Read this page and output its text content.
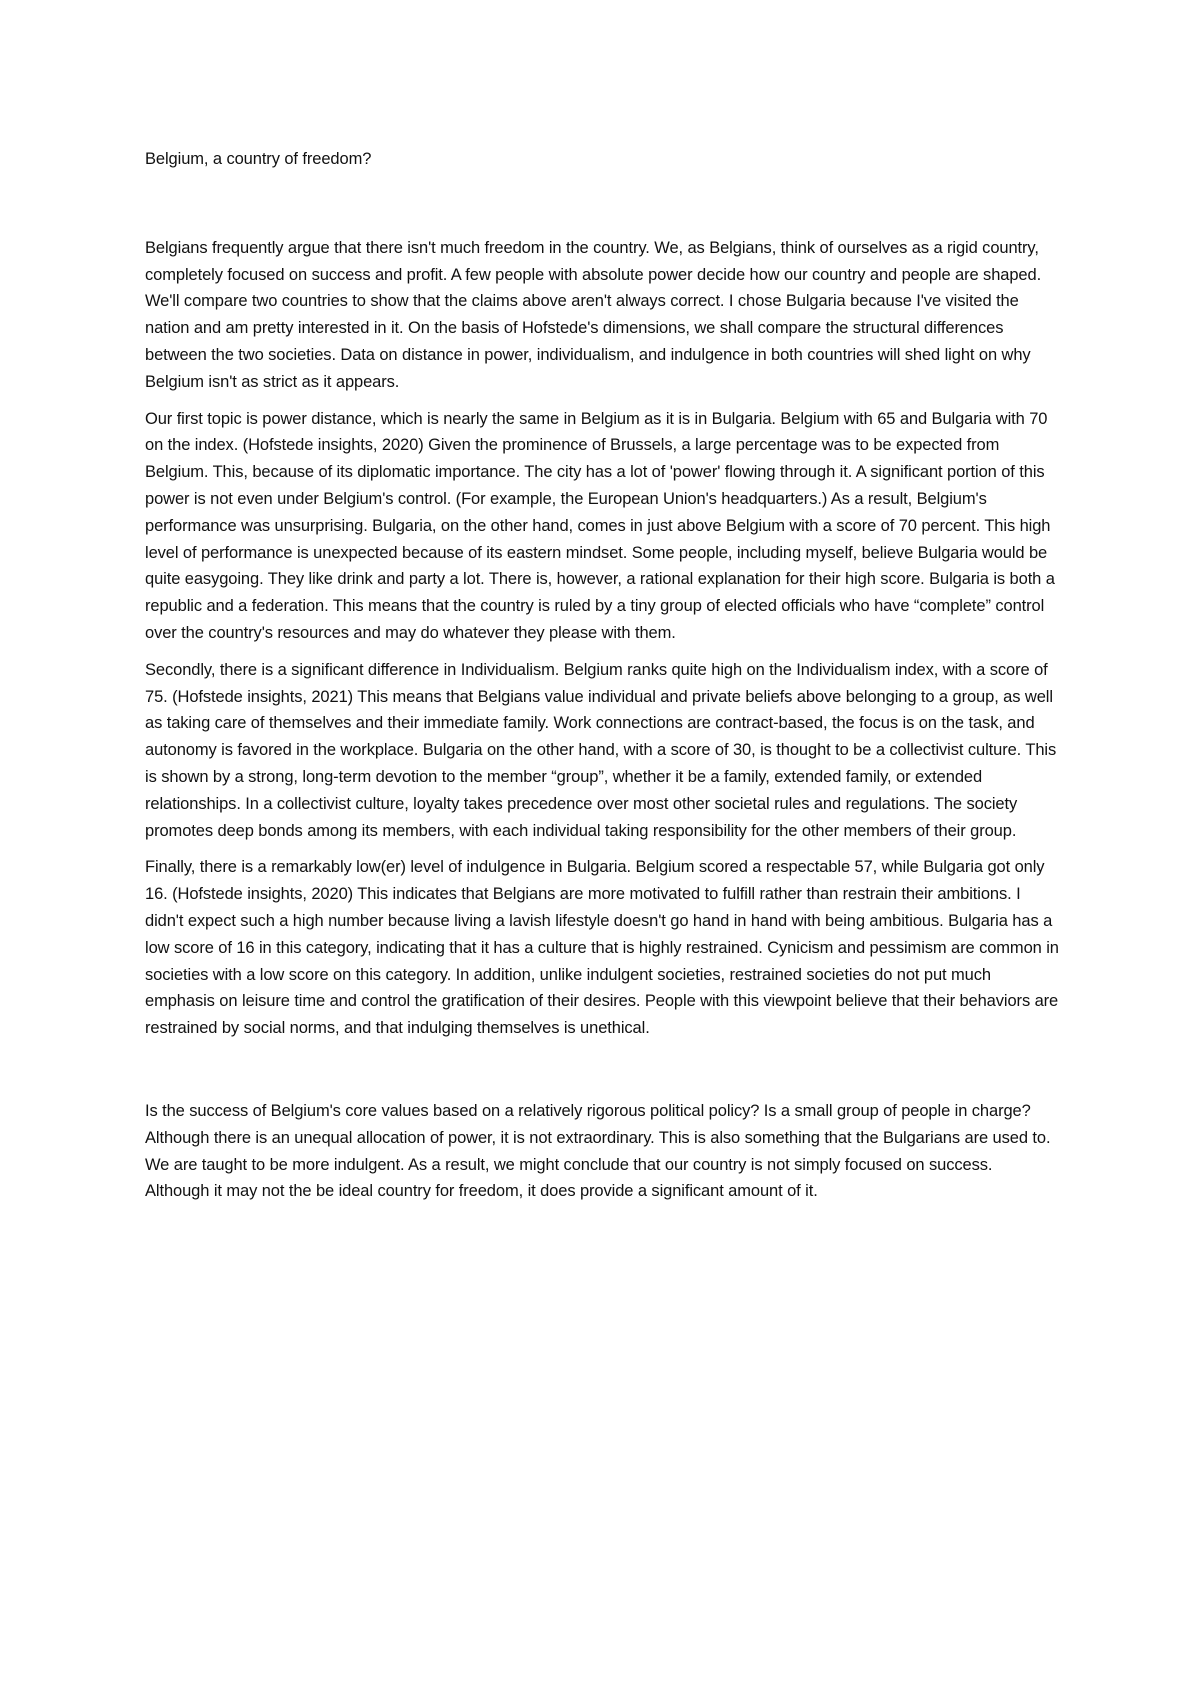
Belgium, a country of freedom?

Belgians frequently argue that there isn't much freedom in the country. We, as Belgians, think of ourselves as a rigid country, completely focused on success and profit. A few people with absolute power decide how our country and people are shaped. We'll compare two countries to show that the claims above aren't always correct. I chose Bulgaria because I've visited the nation and am pretty interested in it. On the basis of Hofstede's dimensions, we shall compare the structural differences between the two societies. Data on distance in power, individualism, and indulgence in both countries will shed light on why Belgium isn't as strict as it appears.

Our first topic is power distance, which is nearly the same in Belgium as it is in Bulgaria. Belgium with 65 and Bulgaria with 70 on the index. (Hofstede insights, 2020) Given the prominence of Brussels, a large percentage was to be expected from Belgium. This, because of its diplomatic importance. The city has a lot of 'power' flowing through it. A significant portion of this power is not even under Belgium's control. (For example, the European Union's headquarters.) As a result, Belgium's performance was unsurprising. Bulgaria, on the other hand, comes in just above Belgium with a score of 70 percent. This high level of performance is unexpected because of its eastern mindset. Some people, including myself, believe Bulgaria would be quite easygoing. They like drink and party a lot. There is, however, a rational explanation for their high score. Bulgaria is both a republic and a federation. This means that the country is ruled by a tiny group of elected officials who have “complete” control over the country's resources and may do whatever they please with them.

Secondly, there is a significant difference in Individualism. Belgium ranks quite high on the Individualism index, with a score of 75. (Hofstede insights, 2021) This means that Belgians value individual and private beliefs above belonging to a group, as well as taking care of themselves and their immediate family. Work connections are contract-based, the focus is on the task, and autonomy is favored in the workplace. Bulgaria on the other hand, with a score of 30, is thought to be a collectivist culture. This is shown by a strong, long-term devotion to the member “group”, whether it be a family, extended family, or extended relationships. In a collectivist culture, loyalty takes precedence over most other societal rules and regulations. The society promotes deep bonds among its members, with each individual taking responsibility for the other members of their group.

Finally, there is a remarkably low(er) level of indulgence in Bulgaria. Belgium scored a respectable 57, while Bulgaria got only 16. (Hofstede insights, 2020) This indicates that Belgians are more motivated to fulfill rather than restrain their ambitions. I didn't expect such a high number because living a lavish lifestyle doesn't go hand in hand with being ambitious. Bulgaria has a low score of 16 in this category, indicating that it has a culture that is highly restrained. Cynicism and pessimism are common in societies with a low score on this category. In addition, unlike indulgent societies, restrained societies do not put much emphasis on leisure time and control the gratification of their desires. People with this viewpoint believe that their behaviors are restrained by social norms, and that indulging themselves is unethical.

Is the success of Belgium's core values based on a relatively rigorous political policy? Is a small group of people in charge? Although there is an unequal allocation of power, it is not extraordinary. This is also something that the Bulgarians are used to. We are taught to be more indulgent. As a result, we might conclude that our country is not simply focused on success. Although it may not the be ideal country for freedom, it does provide a significant amount of it.
